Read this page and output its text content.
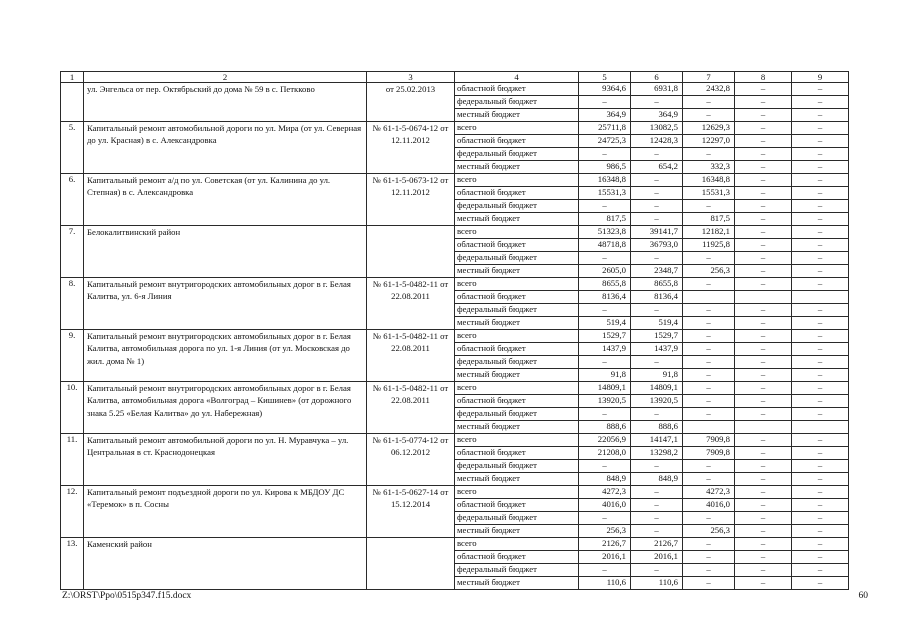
1	2	3	4	5	6	7	8	9
	ул. Энгельса от пер. Октябрьский до дома № 59 в с. Петкково	от 25.02.2013	областной бюджет	9364,6	6931,8	2432,8	–	–
			федеральный бюджет	–	–	–	–	–
			местный бюджет	364,9	364,9	–	–	–
5.	Капитальный ремонт автомобильной дороги по ул. Мира (от ул. Северная до ул. Красная) в с. Александровка	№ 61-1-5-0674-12 от 12.11.2012	всего	25711,8	13082,5	12629,3	–	–
			областной бюджет	24725,3	12428,3	12297,0	–	–
			федеральный бюджет	–	–	–	–	–
			местный бюджет	986,5	654,2	332,3	–	–
6.	Капитальный ремонт а/д по ул. Советская (от ул. Калинина до ул. Степная) в с. Александровка	№ 61-1-5-0673-12 от 12.11.2012	всего	16348,8	–	16348,8	–	–
			областной бюджет	15531,3	–	15531,3	–	–
			федеральный бюджет	–	–	–	–	–
			местный бюджет	817,5	–	817,5	–	–
7.	Белокалитвинский район		всего	51323,8	39141,7	12182,1	–	–
			областной бюджет	48718,8	36793,0	11925,8	–	–
			федеральный бюджет	–	–	–	–	–
			местный бюджет	2605,0	2348,7	256,3	–	–
8.	Капитальный ремонт внутригородских автомобильных дорог в г. Белая Калитва, ул. 6-я Линия	№ 61-1-5-0482-11 от 22.08.2011	всего	8655,8	8655,8	–	–	–
			областной бюджет	8136,4	8136,4			
			федеральный бюджет	–	–	–	–	–
			местный бюджет	519,4	519,4	–	–	–
9.	Капитальный ремонт внутригородских автомобильных дорог в г. Белая Калитва, автомобильная дорога по ул. 1-я Линия (от ул. Московская до жил. дома № 1)	№ 61-1-5-0482-11 от 22.08.2011	всего	1529,7	1529,7	–	–	–
			областной бюджет	1437,9	1437,9	–	–	–
			федеральный бюджет	–	–	–	–	–
			местный бюджет	91,8	91,8	–	–	–
10.	Капитальный ремонт внутригородских автомобильных дорог в г. Белая Калитва, автомобильная дорога «Волгоград – Кишинев» (от дорожного знака 5.25 «Белая Калитва» до ул. Набережная)	№ 61-1-5-0482-11 от 22.08.2011	всего	14809,1	14809,1	–	–	–
			областной бюджет	13920,5	13920,5	–	–	–
			федеральный бюджет	–	–	–	–	–
			местный бюджет	888,6	888,6			
11.	Капитальный ремонт автомобильной дороги по ул. Н. Муравчука – ул. Центральная в ст. Краснодонецкая	№ 61-1-5-0774-12 от 06.12.2012	всего	22056,9	14147,1	7909,8	–	–
			областной бюджет	21208,0	13298,2	7909,8	–	–
			федеральный бюджет	–	–	–	–	–
			местный бюджет	848,9	848,9	–	–	–
12.	Капитальный ремонт подъездной дороги по ул. Кирова к МБДОУ ДС «Теремок» в п. Сосны	№ 61-1-5-0627-14 от 15.12.2014	всего	4272,3	–	4272,3	–	–
			областной бюджет	4016,0	–	4016,0	–	–
			федеральный бюджет	–	–	–	–	–
			местный бюджет	256,3	–	256,3	–	–
13.	Каменский район		всего	2126,7	2126,7	–	–	–
			областной бюджет	2016,1	2016,1	–	–	–
			федеральный бюджет	–	–	–	–	–
			местный бюджет	110,6	110,6	–	–	–
Z:\ORST\Ppo\0515p347.f15.docx	60
